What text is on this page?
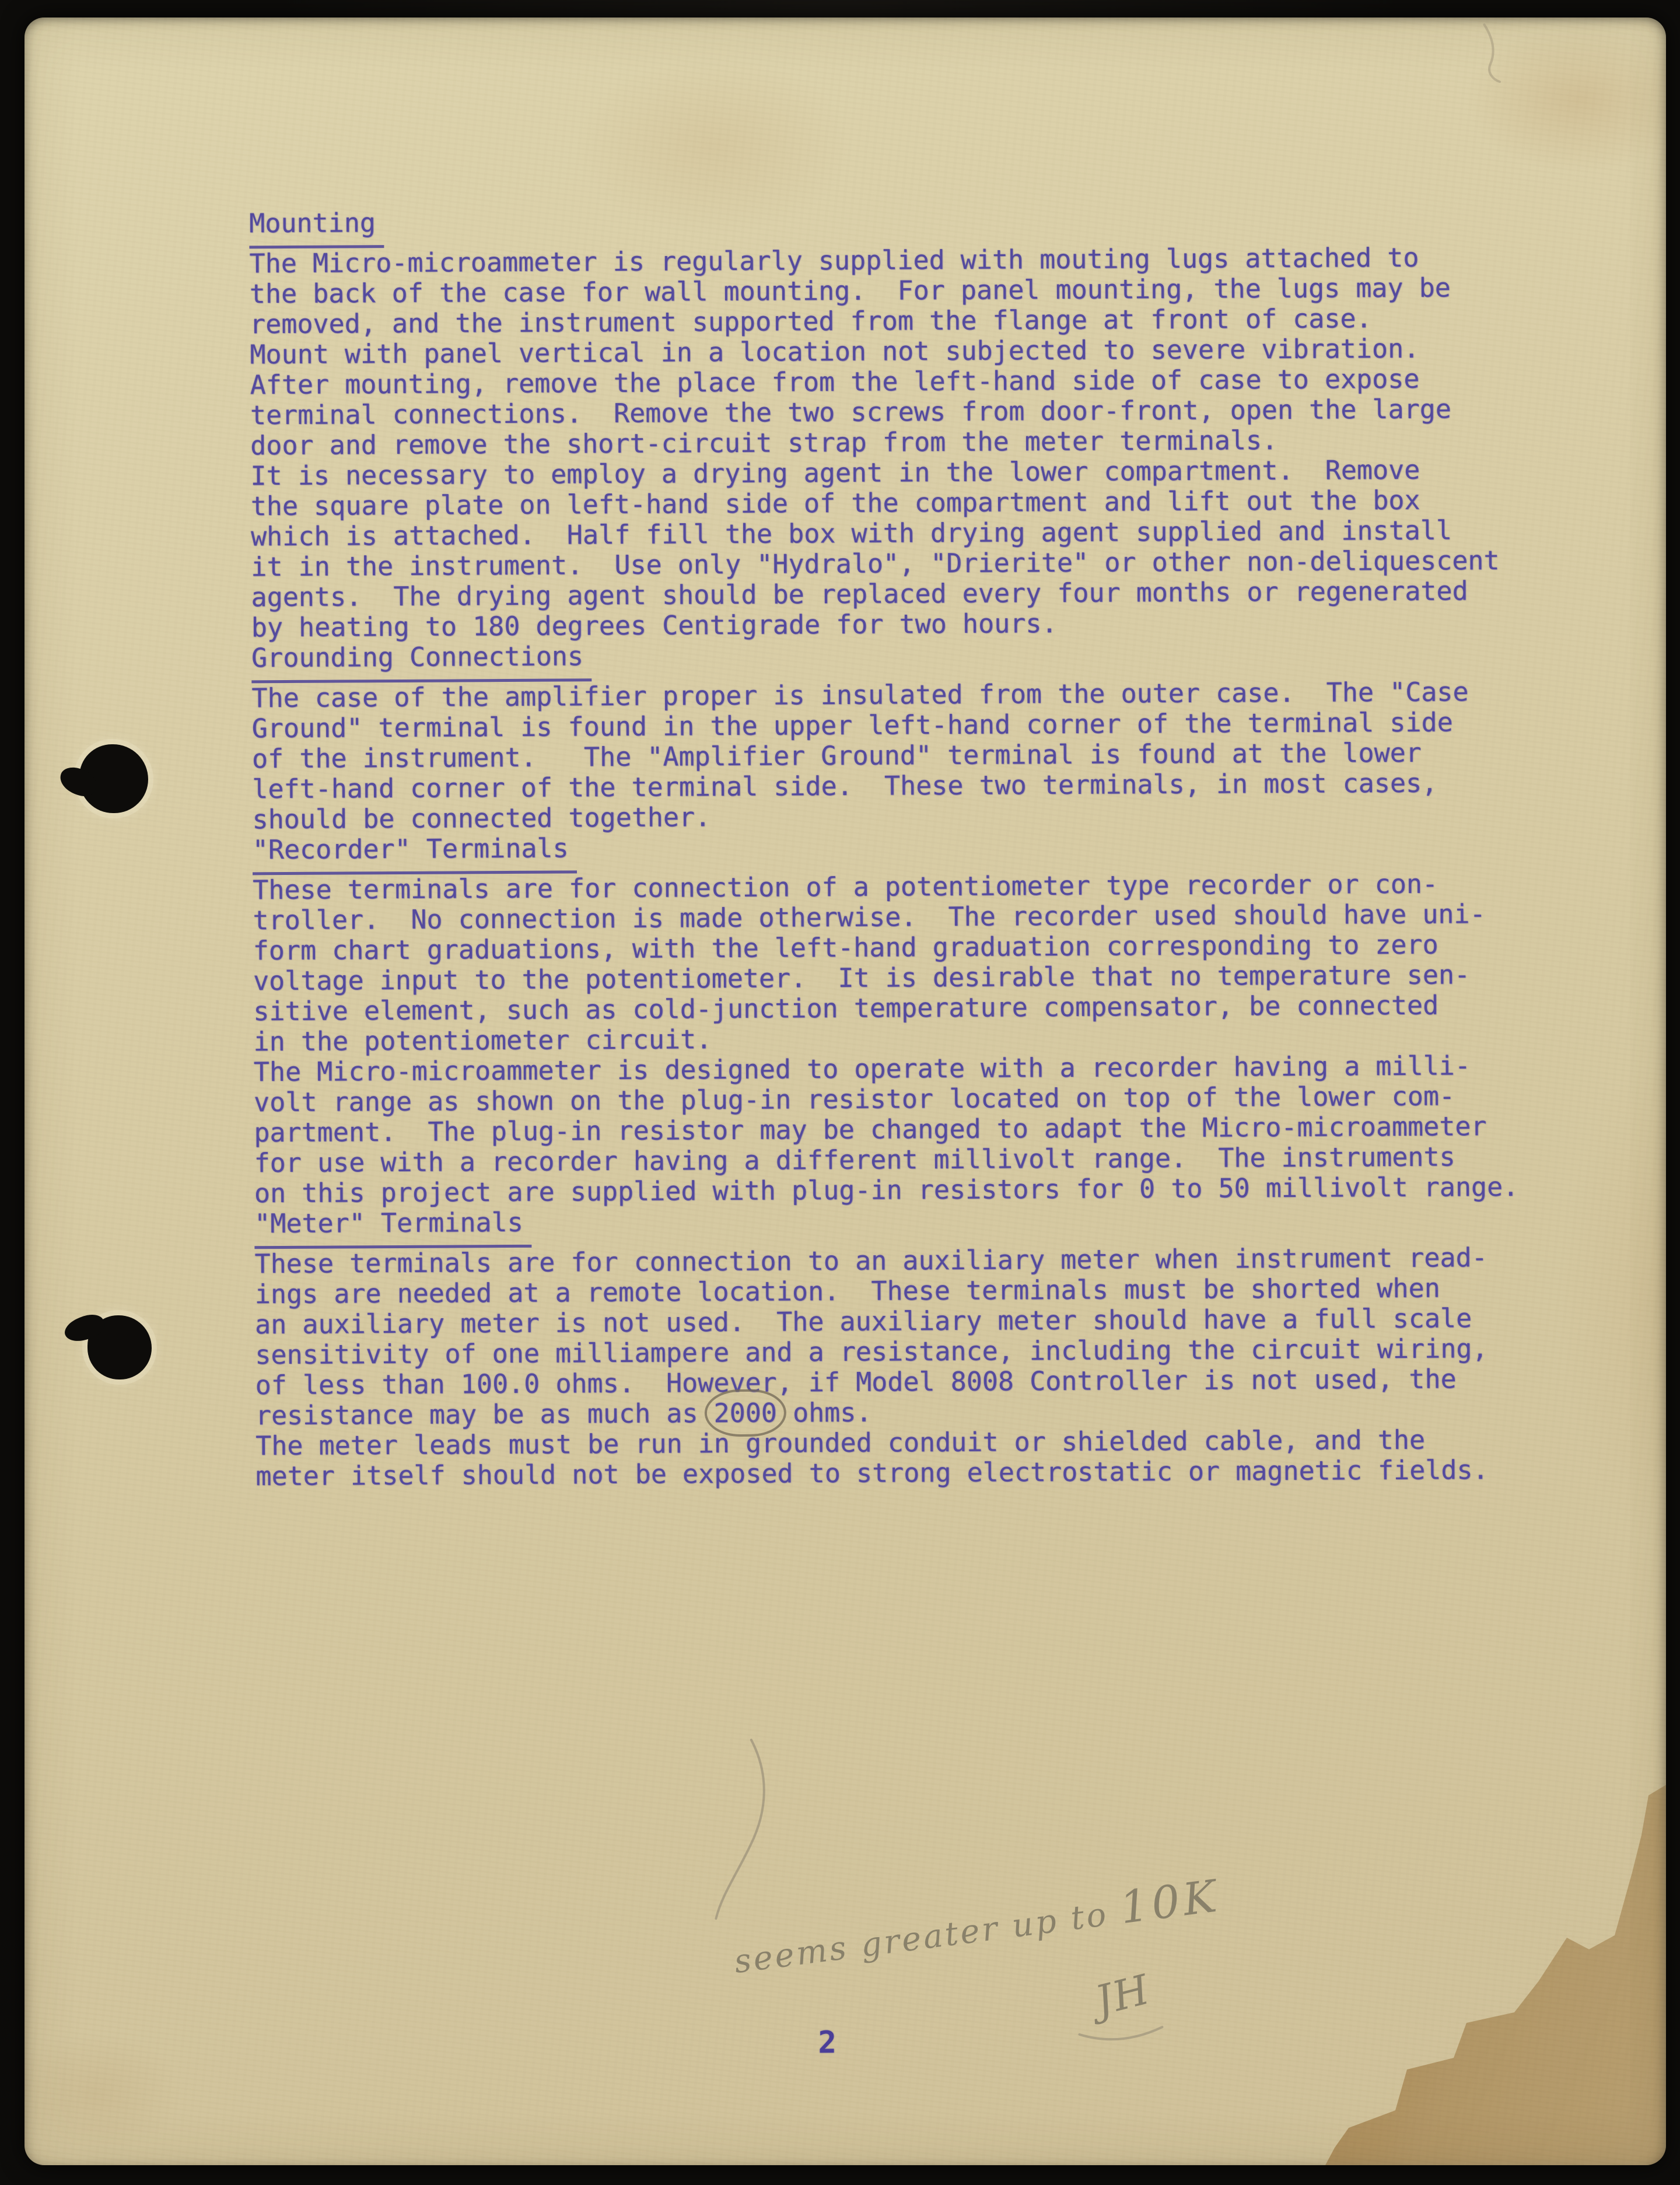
Mounting

The Micro-microammeter is regularly supplied with mouting lugs attached to
the back of the case for wall mounting.  For panel mounting, the lugs may be
removed, and the instrument supported from the flange at front of case.
Mount with panel vertical in a location not subjected to severe vibration.
After mounting, remove the place from the left-hand side of case to expose
terminal connections.  Remove the two screws from door-front, open the large
door and remove the short-circuit strap from the meter terminals.

It is necessary to employ a drying agent in the lower compartment.  Remove
the square plate on left-hand side of the compartment and lift out the box
which is attached.  Half fill the box with drying agent supplied and install
it in the instrument.  Use only "Hydralo", "Drierite" or other non-deliquescent
agents.  The drying agent should be replaced every four months or regenerated
by heating to 180 degrees Centigrade for two hours.

Grounding Connections

The case of the amplifier proper is insulated from the outer case.  The "Case
Ground" terminal is found in the upper left-hand corner of the terminal side
of the instrument.   The "Amplifier Ground" terminal is found at the lower
left-hand corner of the terminal side.  These two terminals, in most cases,
should be connected together.

"Recorder" Terminals

These terminals are for connection of a potentiometer type recorder or con-
troller.  No connection is made otherwise.  The recorder used should have uni-
form chart graduations, with the left-hand graduation corresponding to zero
voltage input to the potentiometer.  It is desirable that no temperature sen-
sitive element, such as cold-junction temperature compensator, be connected
in the potentiometer circuit.

The Micro-microammeter is designed to operate with a recorder having a milli-
volt range as shown on the plug-in resistor located on top of the lower com-
partment.  The plug-in resistor may be changed to adapt the Micro-microammeter
for use with a recorder having a different millivolt range.  The instruments
on this project are supplied with plug-in resistors for 0 to 50 millivolt range.

"Meter" Terminals

These terminals are for connection to an auxiliary meter when instrument read-
ings are needed at a remote location.  These terminals must be shorted when
an auxiliary meter is not used.  The auxiliary meter should have a full scale
sensitivity of one milliampere and a resistance, including the circuit wiring,
of less than 100.0 ohms.  However, if Model 8008 Controller is not used, the
resistance may be as much as 2000 ohms.

The meter leads must be run in grounded conduit or shielded cable, and the
meter itself should not be exposed to strong electrostatic or magnetic fields.

seems greater up to 10K
JH
2
